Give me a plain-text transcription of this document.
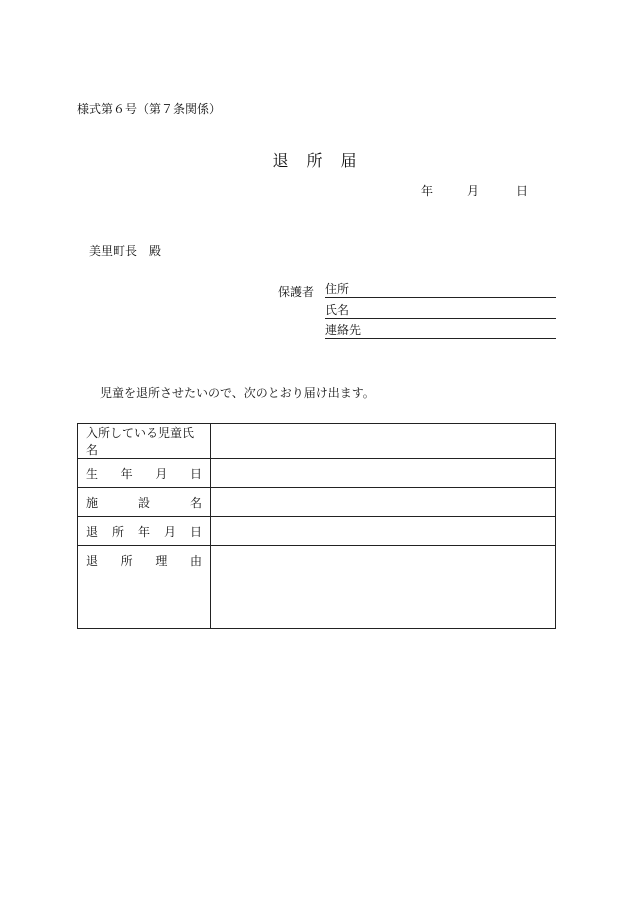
様式第６号（第７条関係）
退　所　届
年	月	日
美里町長　殿
保護者 住所
氏名
連絡先
児童を退所させたいので、次のとおり届け出ます。
入所している児童氏名	

生 年 月 日	

施 設 名	

退 所 年 月 日	

退 所 理 由	
